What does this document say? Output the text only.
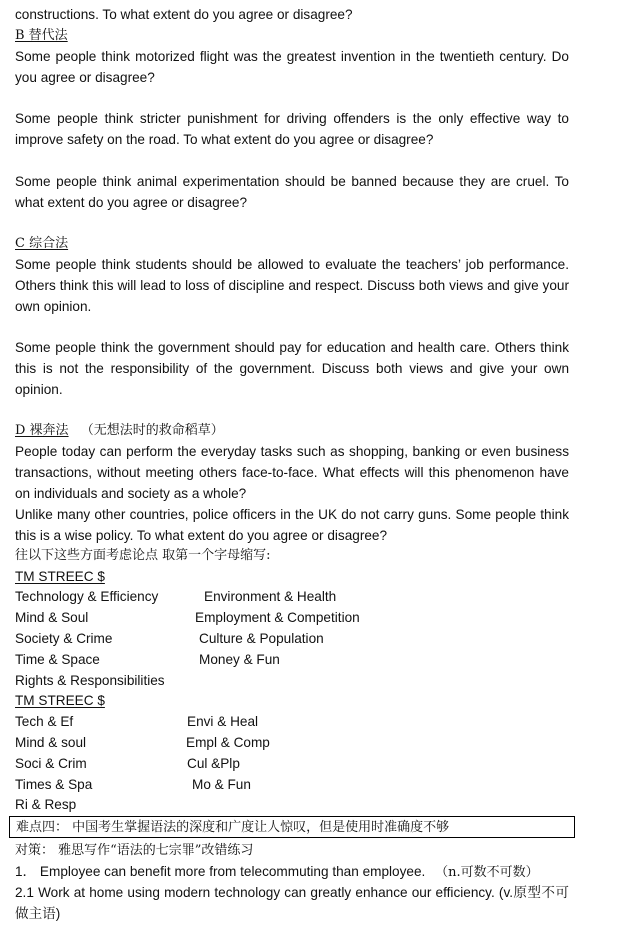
constructions. To what extent do you agree or disagree?
B 替代法

Some people think motorized flight was the greatest invention in the twentieth century. Do you agree or disagree?

Some people think stricter punishment for driving offenders is the only effective way to improve safety on the road. To what extent do you agree or disagree?

Some people think animal experimentation should be banned because they are cruel. To what extent do you agree or disagree?

C 综合法

Some people think students should be allowed to evaluate the teachers’ job performance. Others think this will lead to loss of discipline and respect. Discuss both views and give your own opinion.

Some people think the government should pay for education and health care. Others think this is not the responsibility of the government. Discuss both views and give your own opinion.

D 裸奔法 （无想法时的救命稻草）

People today can perform the everyday tasks such as shopping, banking or even business transactions, without meeting others face-to-face. What effects will this phenomenon have on individuals and society as a whole?

Unlike many other countries, police officers in the UK do not carry guns. Some people think this is a wise policy. To what extent do you agree or disagree?

往以下这些方面考虑论点 取第一个字母缩写:
TM STREEC $
Technology & Efficiency
Mind & Soul
Society & Crime
Time & Space
Rights & Responsibilities
Environment & Health
Employment & Competition
Culture & Population
Money & Fun
TM STREEC $
Tech & Ef
Mind & soul
Soci & Crim
Times & Spa
Ri & Resp
Envi & Heal
Empl & Comp
Cul &Plp
Mo & Fun
难点四： 中国考生掌握语法的深度和广度让人惊叹，但是使用时准确度不够
对策： 雅思写作“语法的七宗罪”改错练习
1． Employee can benefit more from telecommuting than employee. （n.可数不可数）

2.1 Work at home using modern technology can greatly enhance our efficiency. (v.原型不可做主语)
